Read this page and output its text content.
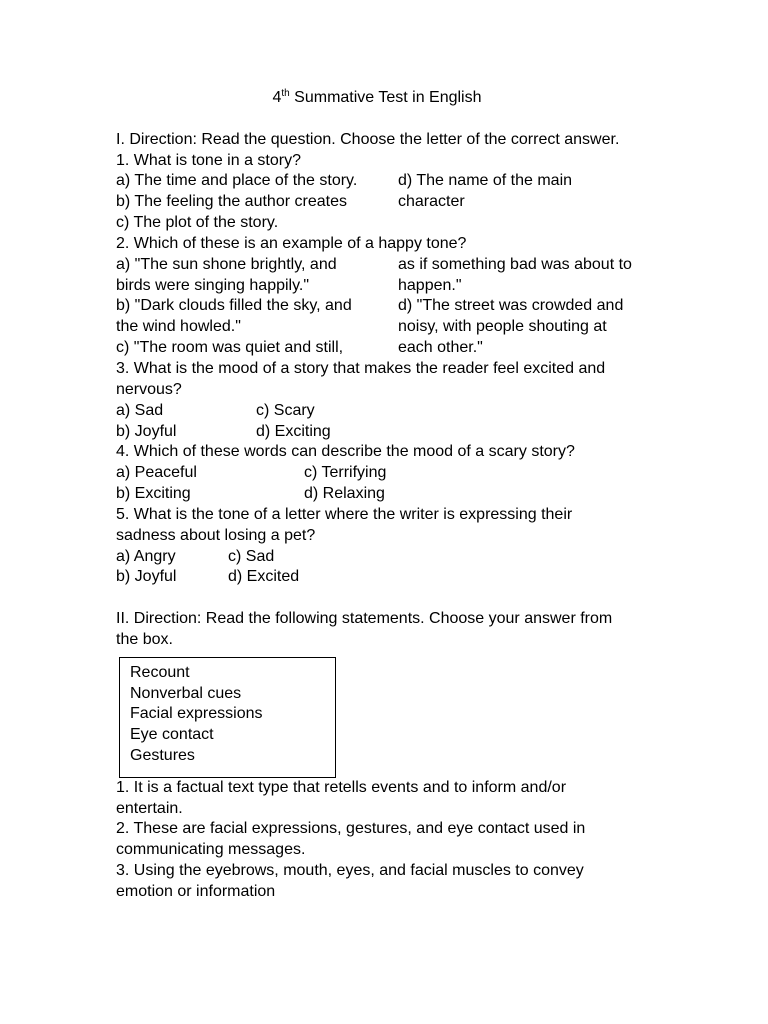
4th Summative Test in English
I. Direction: Read the question. Choose the letter of the correct answer.
1. What is tone in a story?
a) The time and place of the story.	d) The name of the main
b) The feeling the author creates	character
c) The plot of the story.
2. Which of these is an example of a happy tone?
a) "The sun shone brightly, and	as if something bad was about to
birds were singing happily."	happen."
b) "Dark clouds filled the sky, and	d) "The street was crowded and
the wind howled."	noisy, with people shouting at
c) "The room was quiet and still,	each other."
3. What is the mood of a story that makes the reader feel excited and
nervous?
a) Sad	c) Scary
b) Joyful	d) Exciting
4. Which of these words can describe the mood of a scary story?
a) Peaceful	c) Terrifying
b) Exciting	d) Relaxing
5. What is the tone of a letter where the writer is expressing their
sadness about losing a pet?
a) Angry	c) Sad
b) Joyful	d) Excited
II. Direction: Read the following statements. Choose your answer from
the box.
Recount
Nonverbal cues
Facial expressions
Eye contact
Gestures
1. It is a factual text type that retells events and to inform and/or
entertain.
2. These are facial expressions, gestures, and eye contact used in
communicating messages.
3. Using the eyebrows, mouth, eyes, and facial muscles to convey
emotion or information
